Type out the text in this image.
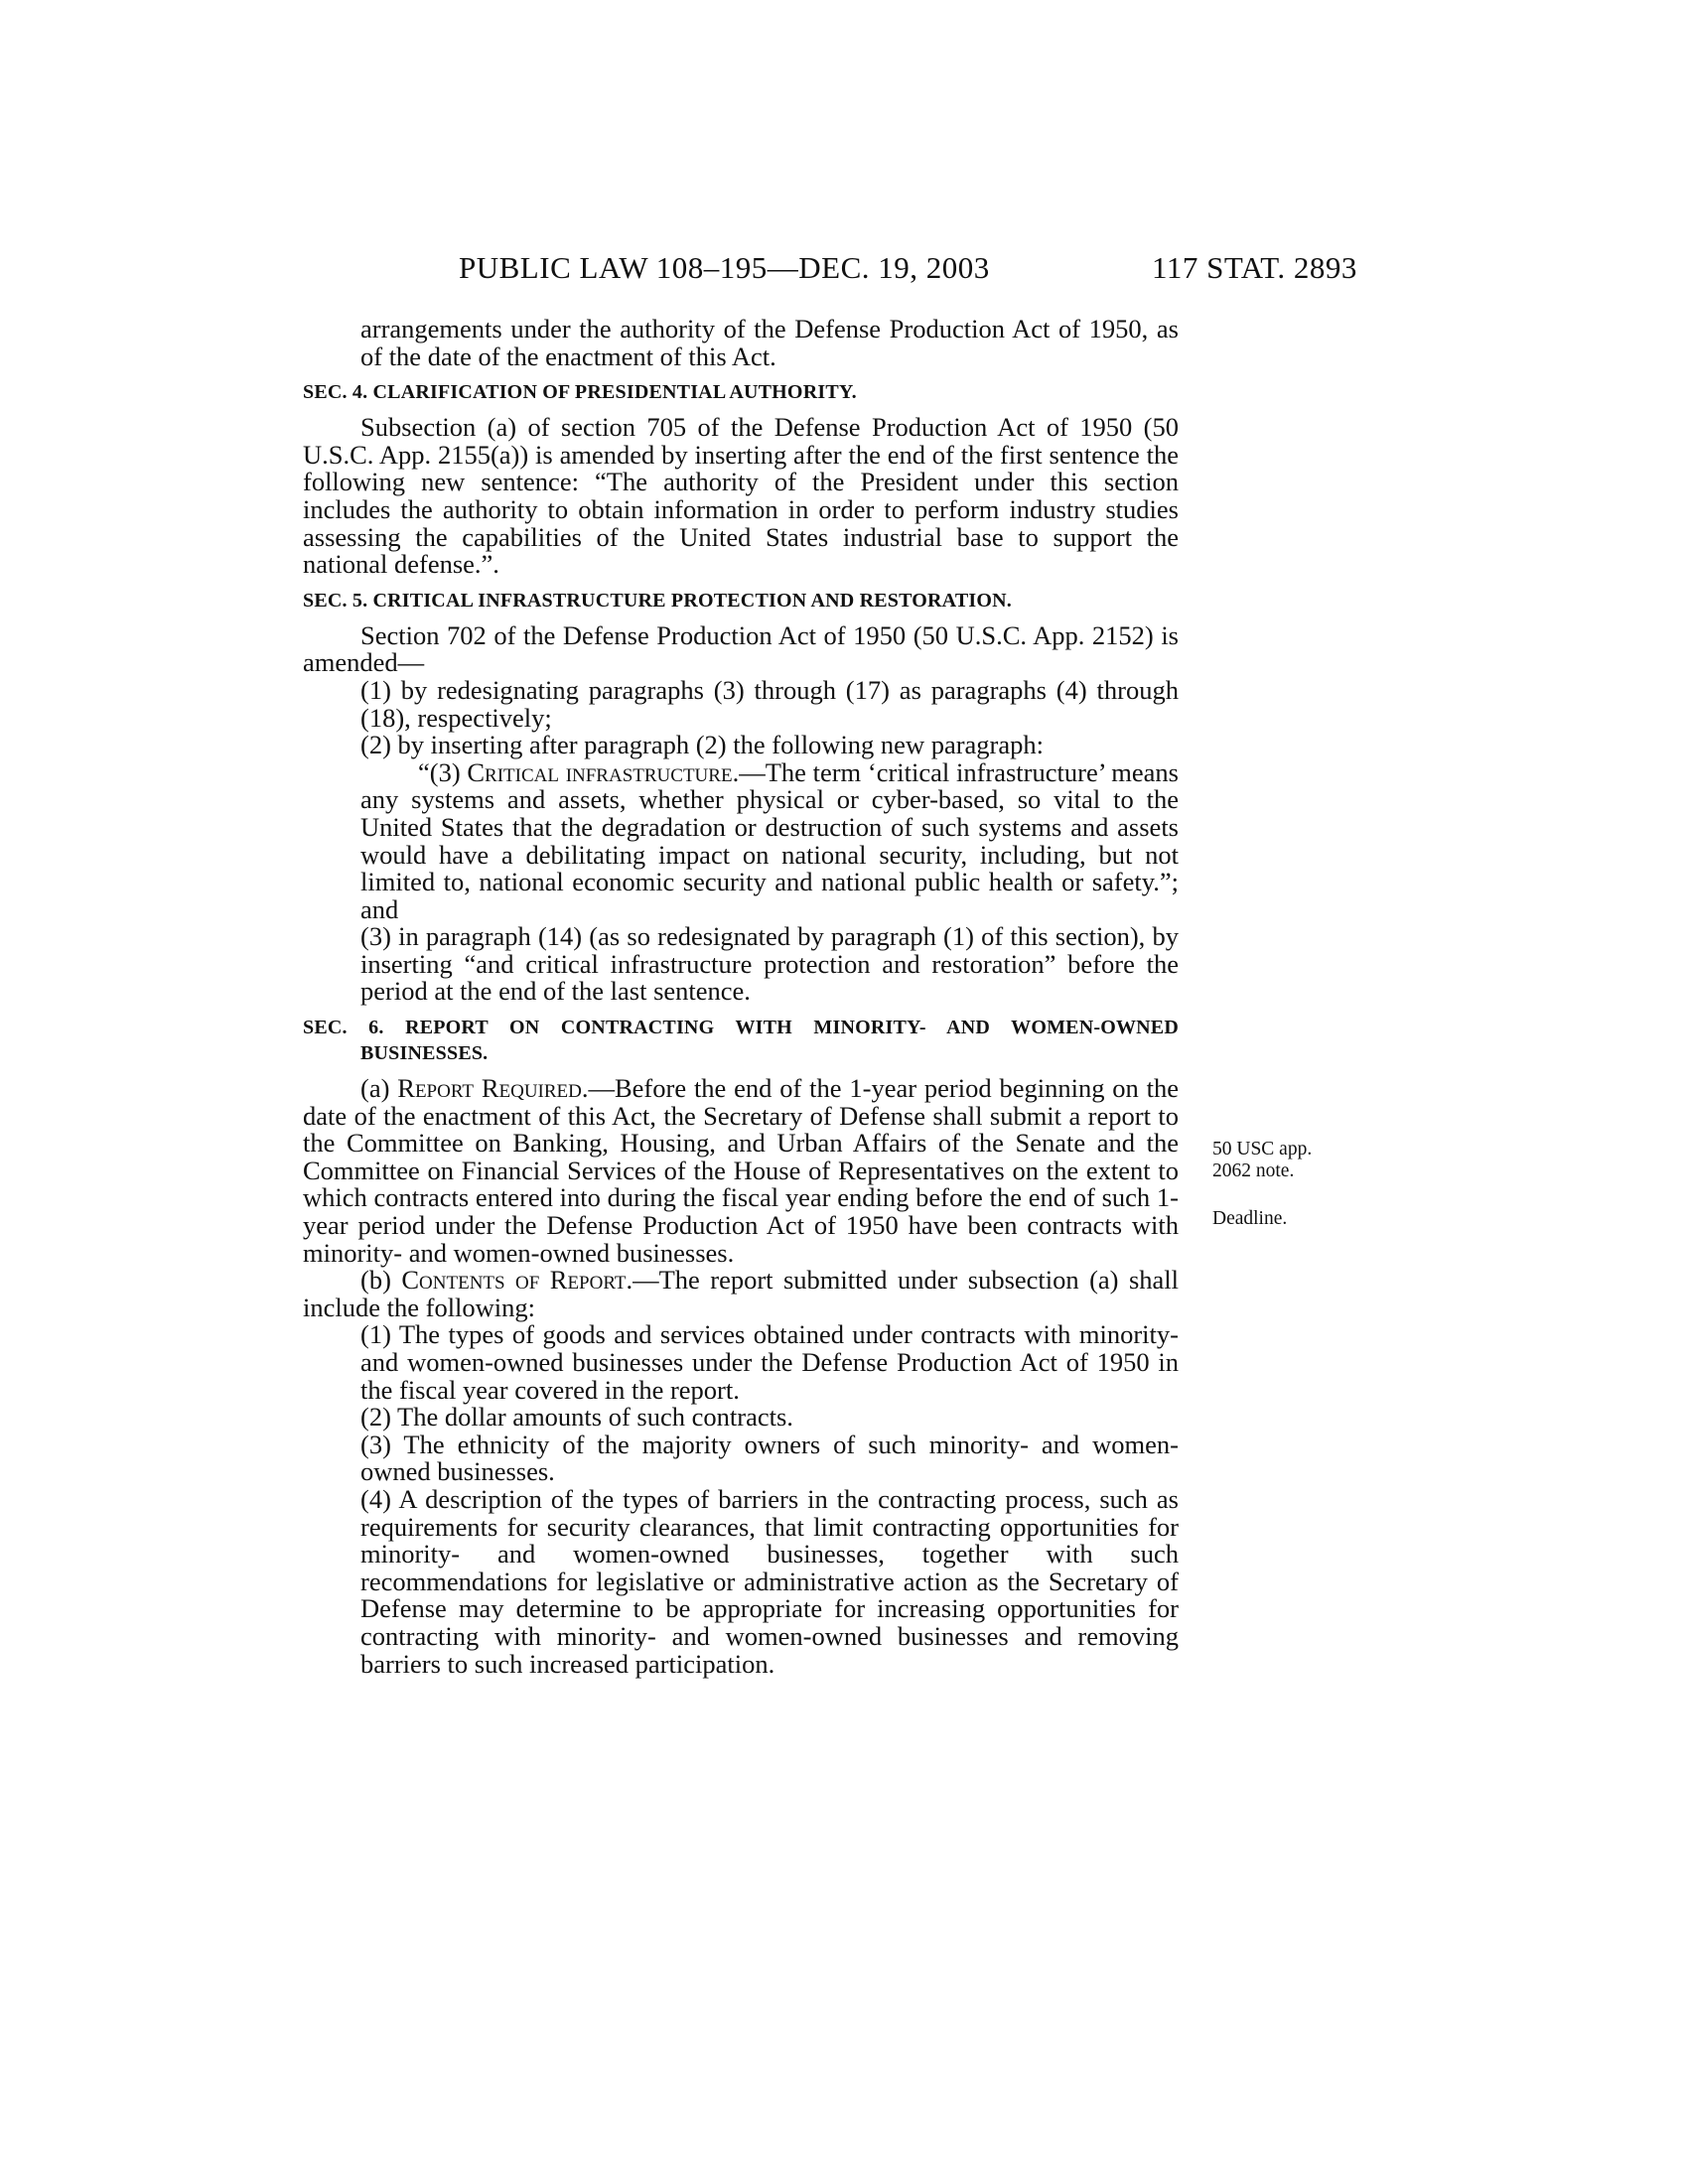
PUBLIC LAW 108–195—DEC. 19, 2003	117 STAT. 2893
50 USC app.
2062 note.
Deadline.

arrangements under the authority of the Defense Production Act of 1950, as of the date of the enactment of this Act.

SEC. 4. CLARIFICATION OF PRESIDENTIAL AUTHORITY.

Subsection (a) of section 705 of the Defense Production Act of 1950 (50 U.S.C. App. 2155(a)) is amended by inserting after the end of the first sentence the following new sentence: “The authority of the President under this section includes the authority to obtain information in order to perform industry studies assessing the capabilities of the United States industrial base to support the national defense.”.

SEC. 5. CRITICAL INFRASTRUCTURE PROTECTION AND RESTORATION.

Section 702 of the Defense Production Act of 1950 (50 U.S.C. App. 2152) is amended—

(1) by redesignating paragraphs (3) through (17) as paragraphs (4) through (18), respectively;

(2) by inserting after paragraph (2) the following new paragraph:

“(3) Critical infrastructure.—The term ‘critical infrastructure’ means any systems and assets, whether physical or cyber-based, so vital to the United States that the degradation or destruction of such systems and assets would have a debilitating impact on national security, including, but not limited to, national economic security and national public health or safety.”; and

(3) in paragraph (14) (as so redesignated by paragraph (1) of this section), by inserting “and critical infrastructure protection and restoration” before the period at the end of the last sentence.

SEC. 6. REPORT ON CONTRACTING WITH MINORITY- AND WOMEN-OWNED BUSINESSES.

(a) Report Required.—Before the end of the 1-year period beginning on the date of the enactment of this Act, the Secretary of Defense shall submit a report to the Committee on Banking, Housing, and Urban Affairs of the Senate and the Committee on Financial Services of the House of Representatives on the extent to which contracts entered into during the fiscal year ending before the end of such 1-year period under the Defense Production Act of 1950 have been contracts with minority- and women-owned businesses.

(b) Contents of Report.—The report submitted under subsection (a) shall include the following:

(1) The types of goods and services obtained under contracts with minority- and women-owned businesses under the Defense Production Act of 1950 in the fiscal year covered in the report.

(2) The dollar amounts of such contracts.

(3) The ethnicity of the majority owners of such minority- and women-owned businesses.

(4) A description of the types of barriers in the contracting process, such as requirements for security clearances, that limit contracting opportunities for minority- and women-owned businesses, together with such recommendations for legislative or administrative action as the Secretary of Defense may determine to be appropriate for increasing opportunities for contracting with minority- and women-owned businesses and removing barriers to such increased participation.
